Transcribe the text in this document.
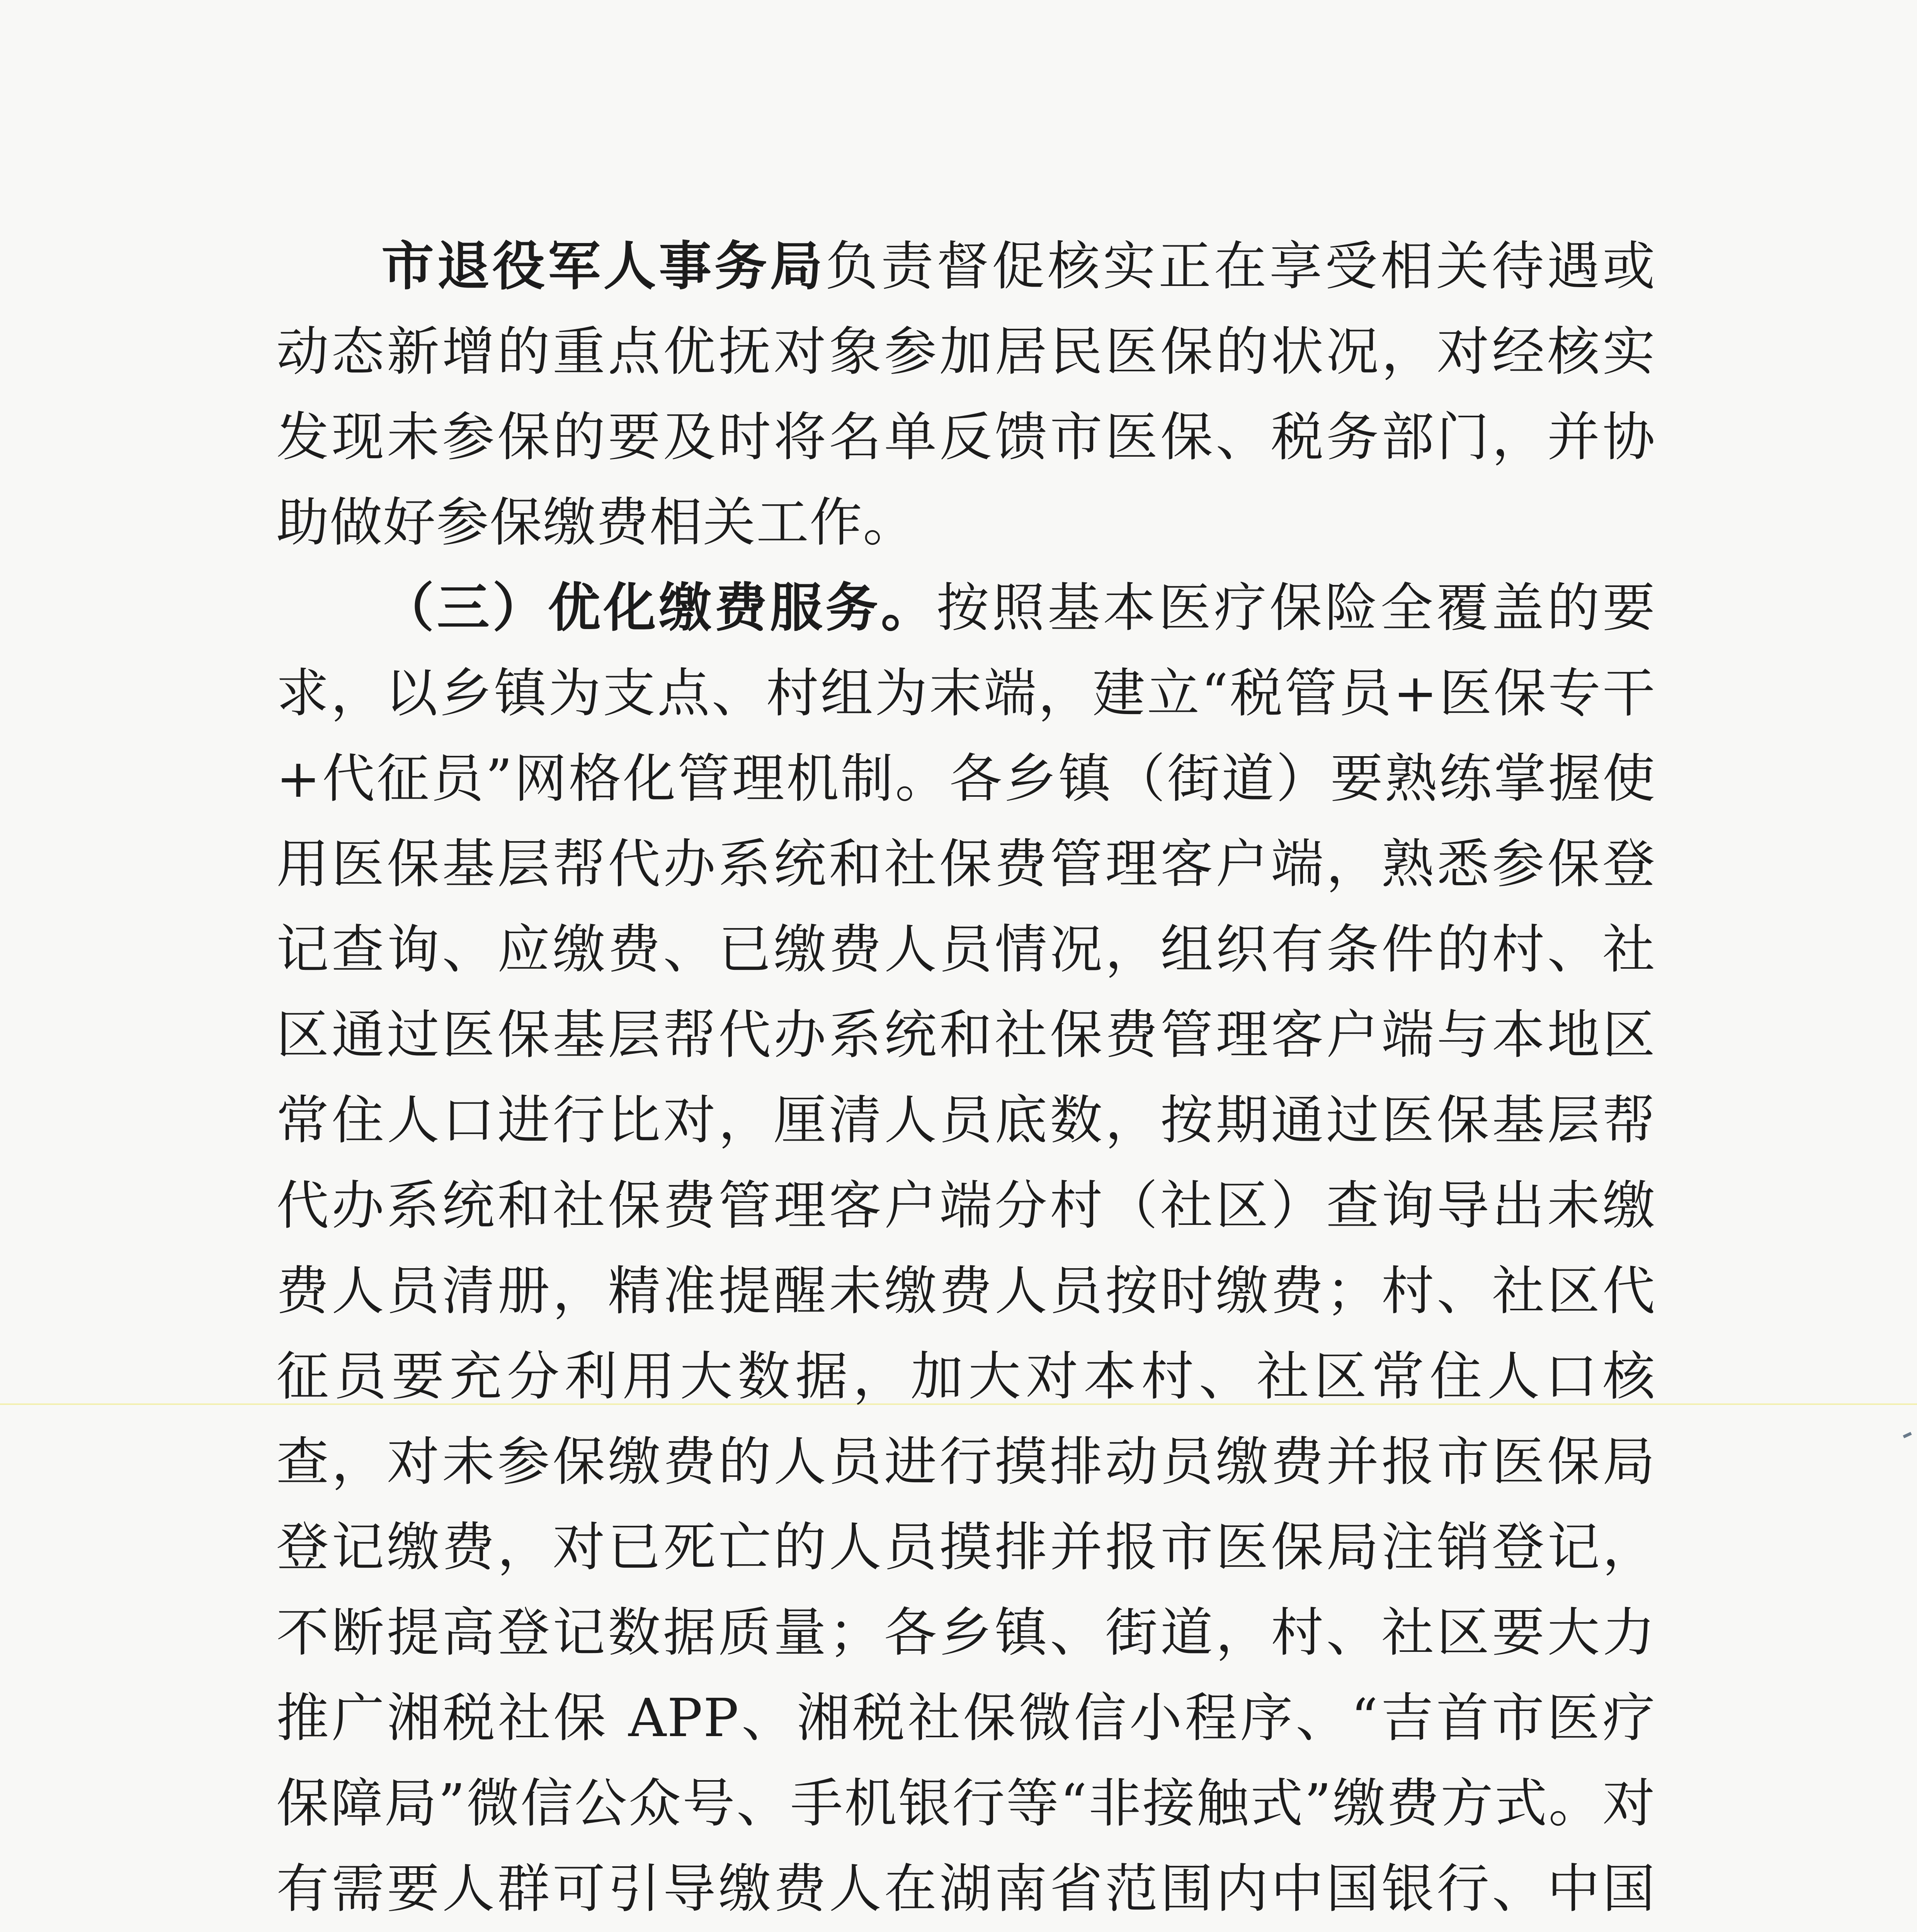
市退役军人事务局负责督促核实正在享受相关待遇或动态新增的重点优抚对象参加居民医保的状况，对经核实发现未参保的要及时将名单反馈市医保、税务部门，并协助做好参保缴费相关工作。

（三）优化缴费服务。按照基本医疗保险全覆盖的要求，以乡镇为支点、村组为末端，建立“税管员+医保专干+代征员”网格化管理机制。各乡镇（街道）要熟练掌握使用医保基层帮代办系统和社保费管理客户端，熟悉参保登记查询、应缴费、已缴费人员情况，组织有条件的村、社区通过医保基层帮代办系统和社保费管理客户端与本地区常住人口进行比对，厘清人员底数，按期通过医保基层帮代办系统和社保费管理客户端分村（社区）查询导出未缴费人员清册，精准提醒未缴费人员按时缴费；村、社区代征员要充分利用大数据，加大对本村、社区常住人口核查，对未参保缴费的人员进行摸排动员缴费并报市医保局登记缴费，对已死亡的人员摸排并报市医保局注销登记，不断提高登记数据质量；各乡镇、街道，村、社区要大力推广湘税社保 APP、湘税社保微信小程序、“吉首市医疗保障局”微信公众号、手机银行等“非接触式”缴费方式。对有需要人群可引导缴费人在湖南省范围内中国银行、中国
